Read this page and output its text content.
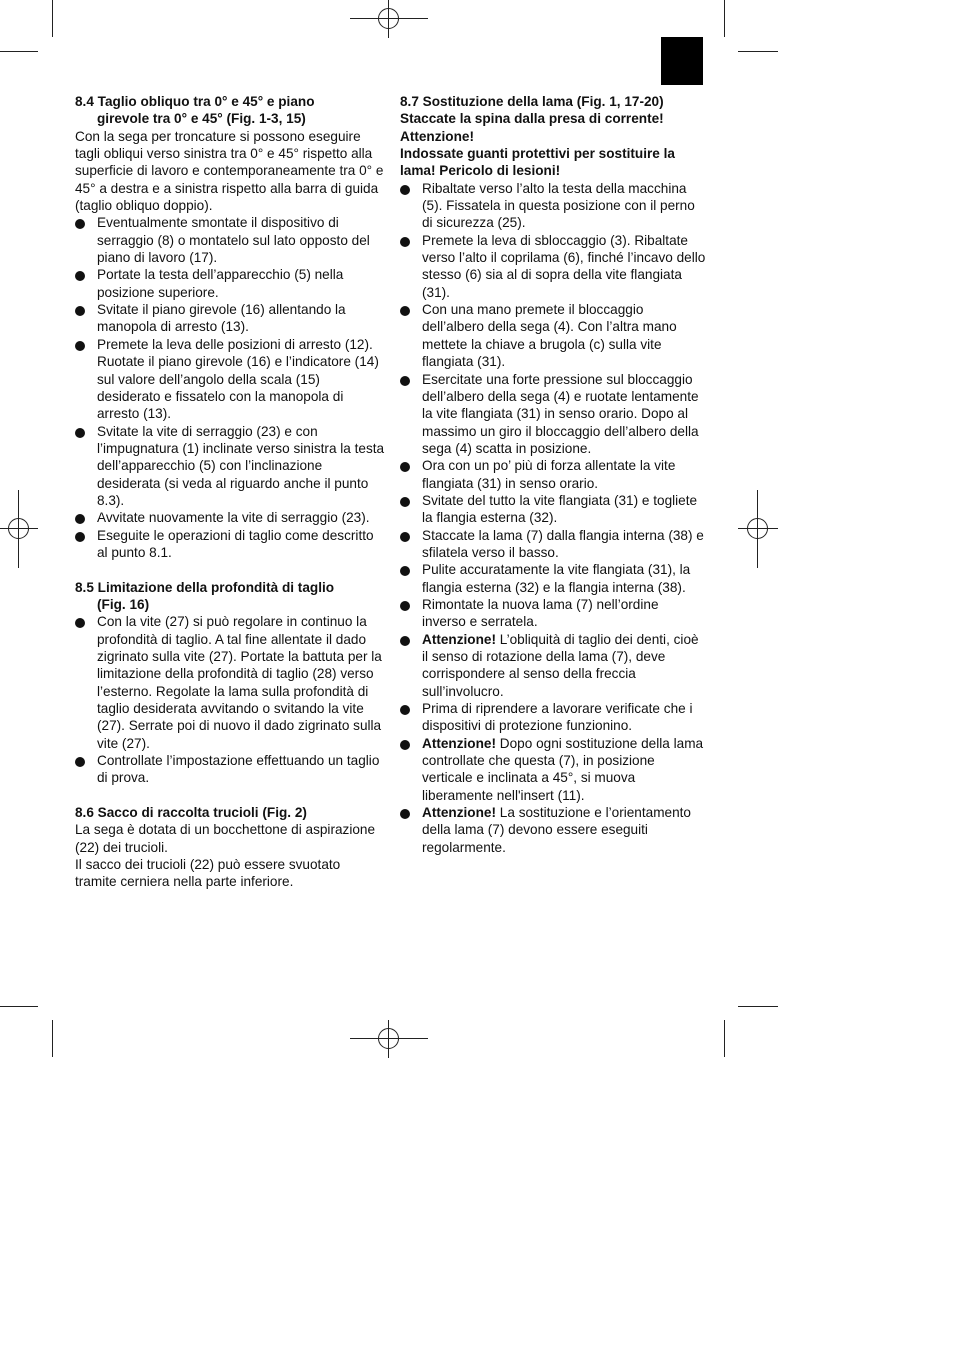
8.4 Taglio obliquo tra 0° e 45° e piano
girevole tra 0° e 45° (Fig. 1-3, 15)

Con la sega per troncature si possono eseguire tagli obliqui verso sinistra tra 0° e 45° rispetto alla superficie di lavoro e contemporaneamente tra 0° e 45° a destra e a sinistra rispetto alla barra di guida (taglio obliquo doppio).

Eventualmente smontate il dispositivo di serraggio (8) o montatelo sul lato opposto del piano di lavoro (17).
Portate la testa dell’apparecchio (5) nella posizione superiore.
Svitate il piano girevole (16) allentando la manopola di arresto (13).
Premete la leva delle posizioni di arresto (12). Ruotate il piano girevole (16) e l’indicatore (14) sul valore dell’angolo della scala (15) desiderato e fissatelo con la manopola di arresto (13).
Svitate la vite di serraggio (23) e con l’impugnatura (1) inclinate verso sinistra la testa dell’apparecchio (5) con l’inclinazione desiderata (si veda al riguardo anche il punto 8.3).
Avvitate nuovamente la vite di serraggio (23).
Eseguite le operazioni di taglio come descritto al punto 8.1.
8.5 Limitazione della profondità di taglio
(Fig. 16)
Con la vite (27) si può regolare in continuo la profondità di taglio. A tal fine allentate il dado zigrinato sulla vite (27). Portate la battuta per la limitazione della profondità di taglio (28) verso l’esterno. Regolate la lama sulla profondità di taglio desiderata avvitando o svitando la vite (27). Serrate poi di nuovo il dado zigrinato sulla vite (27).
Controllate l’impostazione effettuando un taglio di prova.
8.6 Sacco di raccolta trucioli (Fig. 2)

La sega è dotata di un bocchettone di aspirazione (22) dei trucioli.

Il sacco dei trucioli (22) può essere svuotato tramite cerniera nella parte inferiore.

8.7 Sostituzione della lama (Fig. 1, 17-20)
Staccate la spina dalla presa di corrente!
Attenzione!
Indossate guanti protettivi per sostituire la lama! Pericolo di lesioni!
Ribaltate verso l’alto la testa della macchina (5). Fissatela in questa posizione con il perno di sicurezza (25).
Premete la leva di sbloccaggio (3). Ribaltate verso l’alto il coprilama (6), finché l’incavo dello stesso (6) sia al di sopra della vite flangiata (31).
Con una mano premete il bloccaggio dell’albero della sega (4). Con l’altra mano mettete la chiave a brugola (c) sulla vite flangiata (31).
Esercitate una forte pressione sul bloccaggio dell’albero della sega (4) e ruotate lentamente la vite flangiata (31) in senso orario. Dopo al massimo un giro il bloccaggio dell’albero della sega (4) scatta in posizione.
Ora con un po’ più di forza allentate la vite flangiata (31) in senso orario.
Svitate del tutto la vite flangiata (31) e togliete la flangia esterna (32).
Staccate la lama (7) dalla flangia interna (38) e sfilatela verso il basso.
Pulite accuratamente la vite flangiata (31), la flangia esterna (32) e la flangia interna (38).
Rimontate la nuova lama (7) nell’ordine inverso e serratela.
Attenzione! L’obliquità di taglio dei denti, cioè il senso di rotazione della lama (7), deve corrispondere al senso della freccia sull’involucro.
Prima di riprendere a lavorare verificate che i dispositivi di protezione funzionino.
Attenzione! Dopo ogni sostituzione della lama controllate che questa (7), in posizione verticale e inclinata a 45°, si muova liberamente nell'insert (11).
Attenzione! La sostituzione e l’orientamento della lama (7) devono essere eseguiti regolarmente.
